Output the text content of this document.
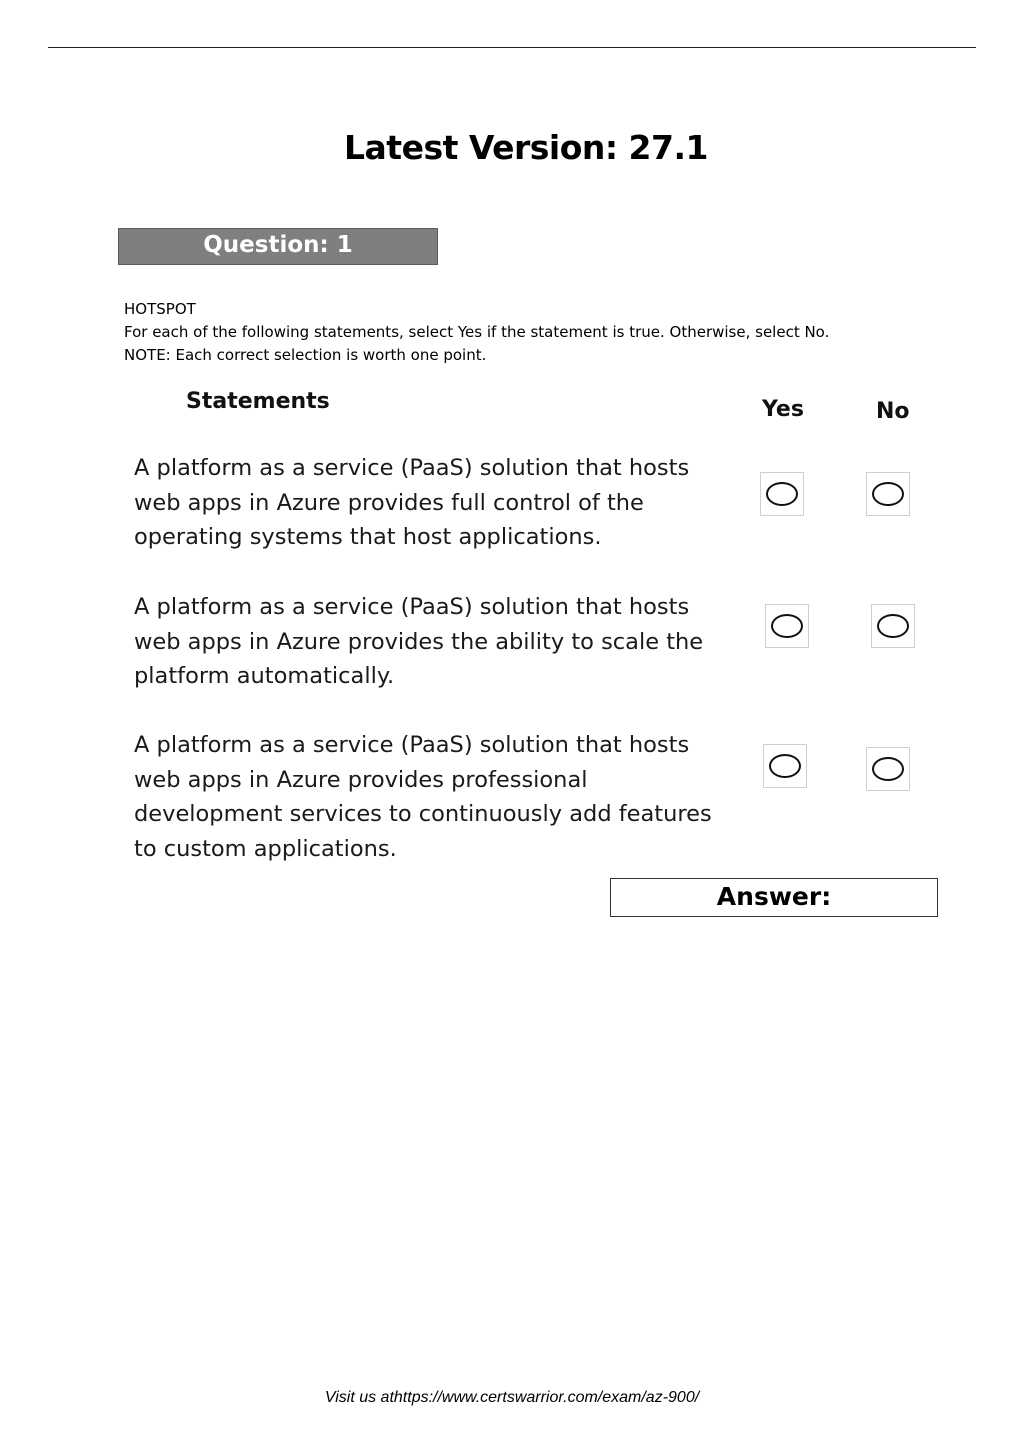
Latest Version: 27.1
Question: 1
HOTSPOT
For each of the following statements, select Yes if the statement is true. Otherwise, select No.
NOTE: Each correct selection is worth one point.
Statements	Yes	No
A platform as a service (PaaS) solution that hosts
web apps in Azure provides full control of the
operating systems that host applications.
A platform as a service (PaaS) solution that hosts
web apps in Azure provides the ability to scale the
platform automatically.
A platform as a service (PaaS) solution that hosts
web apps in Azure provides professional
development services to continuously add features
to custom applications.
Answer:
Visit us athttps://www.certswarrior.com/exam/az-900/
